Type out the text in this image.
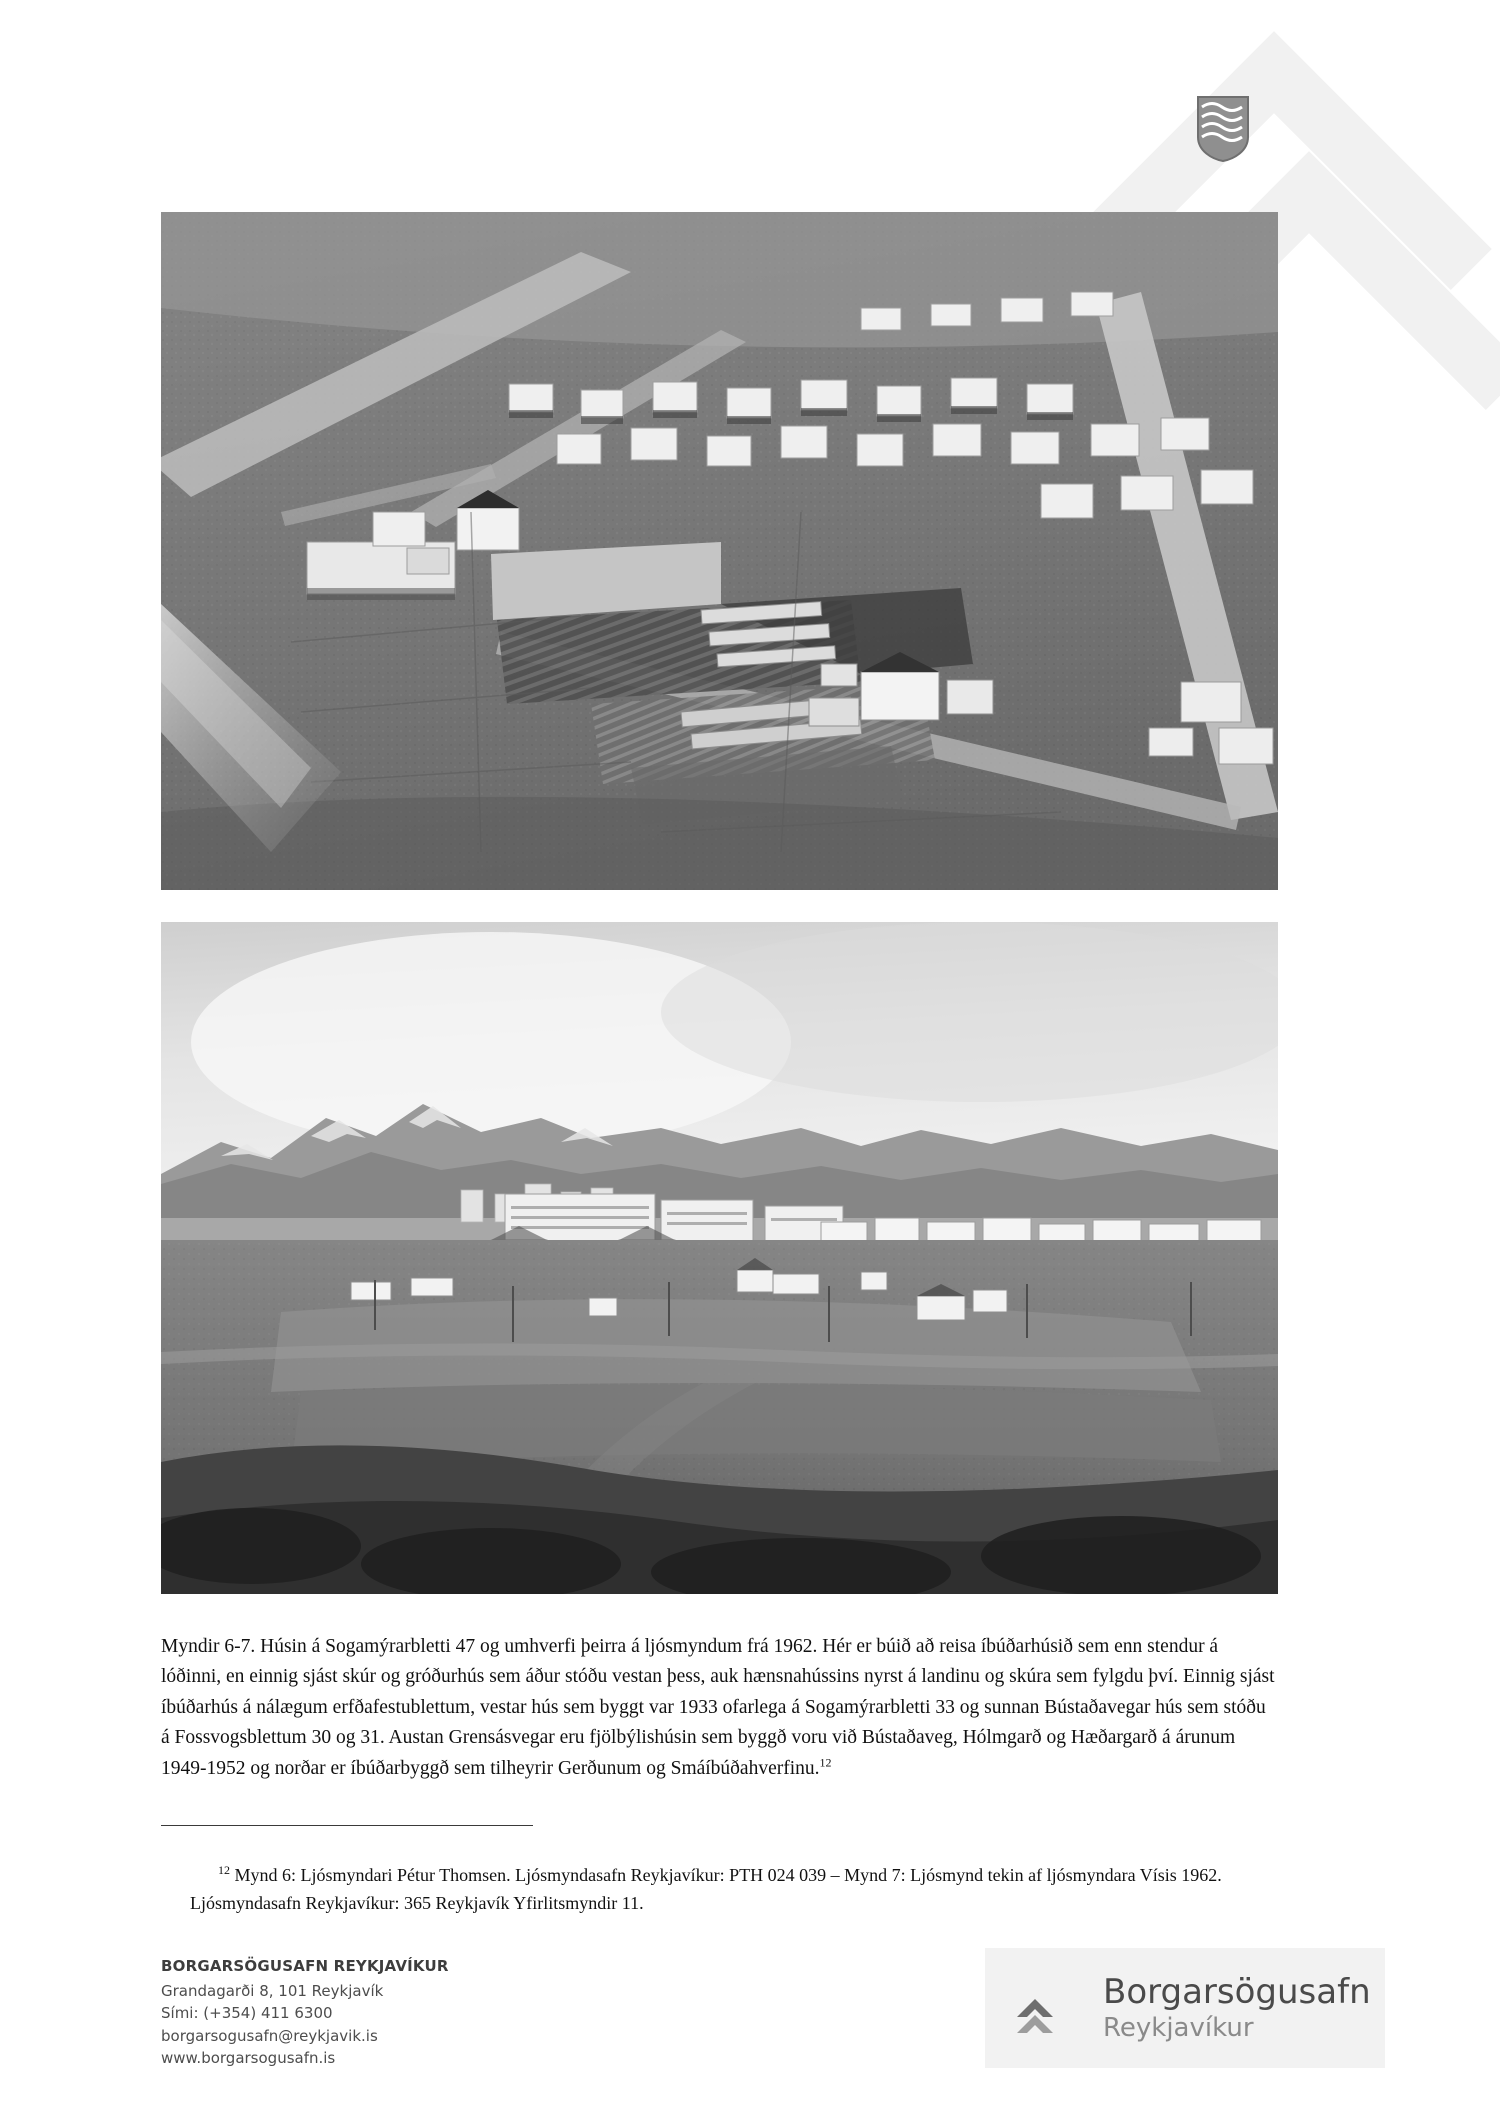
Myndir 6-7. Húsin á Sogamýrarbletti 47 og umhverfi þeirra á ljósmyndum frá 1962. Hér er búið að reisa íbúðarhúsið sem enn stendur á lóðinni, en einnig sjást skúr og gróðurhús sem áður stóðu vestan þess, auk hænsnahússins nyrst á landinu og skúra sem fylgdu því. Einnig sjást íbúðarhús á nálægum erfðafestublettum, vestar hús sem byggt var 1933 ofarlega á Sogamýrarbletti 33 og sunnan Bústaðavegar hús sem stóðu á Fossvogsblettum 30 og 31. Austan Grensásvegar eru fjölbýlishúsin sem byggð voru við Bústaðaveg, Hólmgarð og Hæðargarð á árunum 1949-1952 og norðar er íbúðarbyggð sem tilheyrir Gerðunum og Smáíbúðahverfinu.$^{12}$

$^{12}$ Mynd 6: Ljósmyndari Pétur Thomsen. Ljósmyndasafn Reykjavíkur: PTH 024 039 – Mynd 7: Ljósmynd tekin af ljósmyndara Vísis 1962. Ljósmyndasafn Reykjavíkur: 365 Reykjavík Yfirlitsmyndir 11.

BORGARSÖGUSAFN REYKJAVÍKUR
Grandagarði 8, 101 Reykjavík
Sími: (+354) 411 6300
borgarsogusafn@reykjavik.is
www.borgarsogusafn.is
Borgarsögusafn
Reykjavíkur
